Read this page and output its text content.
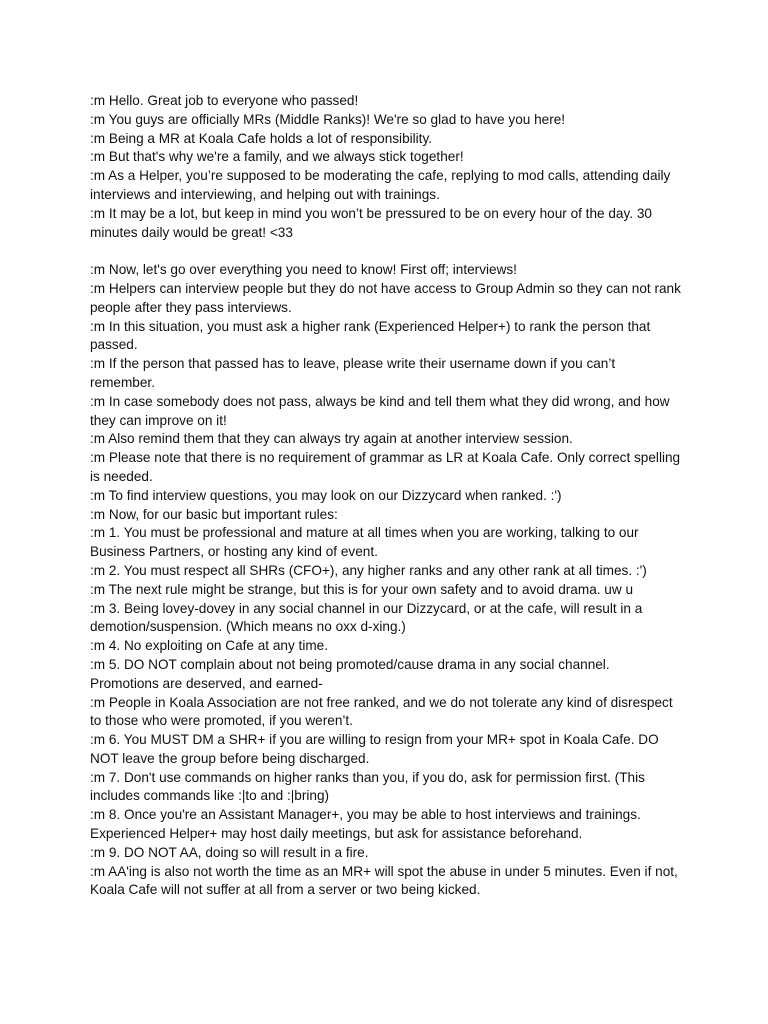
:m Hello. Great job to everyone who passed!

:m You guys are officially MRs (Middle Ranks)! We're so glad to have you here!

:m Being a MR at Koala Cafe holds a lot of responsibility.

:m But that's why we're a family, and we always stick together!

:m As a Helper, you’re supposed to be moderating the cafe, replying to mod calls, attending daily interviews and interviewing, and helping out with trainings.

:m It may be a lot, but keep in mind you won’t be pressured to be on every hour of the day. 30 minutes daily would be great! <33

:m Now, let's go over everything you need to know! First off; interviews!

:m Helpers can interview people but they do not have access to Group Admin so they can not rank people after they pass interviews.

:m In this situation, you must ask a higher rank (Experienced Helper+) to rank the person that passed.

:m If the person that passed has to leave, please write their username down if you can’t remember.

:m In case somebody does not pass, always be kind and tell them what they did wrong, and how they can improve on it!

:m Also remind them that they can always try again at another interview session.

:m Please note that there is no requirement of grammar as LR at Koala Cafe. Only correct spelling is needed.

:m To find interview questions, you may look on our Dizzycard when ranked. :')

:m Now, for our basic but important rules:

:m 1. You must be professional and mature at all times when you are working, talking to our Business Partners, or hosting any kind of event.

:m 2. You must respect all SHRs (CFO+), any higher ranks and any other rank at all times. :')

:m The next rule might be strange, but this is for your own safety and to avoid drama. uw u

:m 3. Being lovey-dovey in any social channel in our Dizzycard, or at the cafe, will result in a demotion/suspension. (Which means no oxx d-xing.)

:m 4. No exploiting on Cafe at any time.

:m 5. DO NOT complain about not being promoted/cause drama in any social channel. Promotions are deserved, and earned-

:m People in Koala Association are not free ranked, and we do not tolerate any kind of disrespect to those who were promoted, if you weren’t.

:m 6. You MUST DM a SHR+ if you are willing to resign from your MR+ spot in Koala Cafe. DO NOT leave the group before being discharged.

:m 7. Don't use commands on higher ranks than you, if you do, ask for permission first. (This includes commands like :|to and :|bring)

:m 8. Once you're an Assistant Manager+, you may be able to host interviews and trainings. Experienced Helper+ may host daily meetings, but ask for assistance beforehand.

:m 9. DO NOT AA, doing so will result in a fire.

:m AA'ing is also not worth the time as an MR+ will spot the abuse in under 5 minutes. Even if not, Koala Cafe will not suffer at all from a server or two being kicked.
